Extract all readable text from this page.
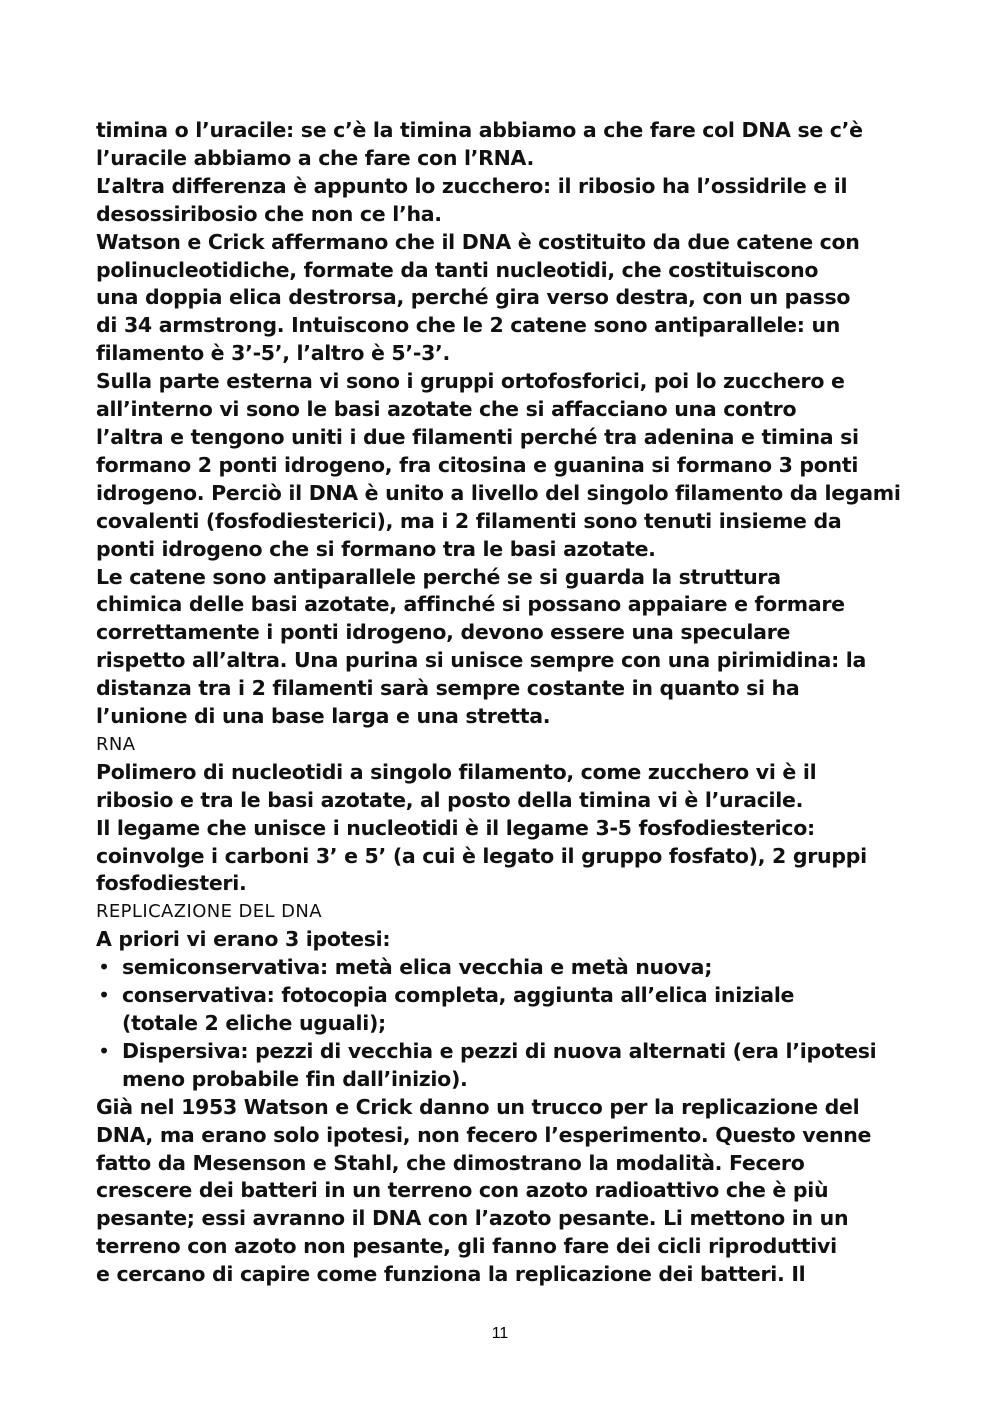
timina o l’uracile: se c’è la timina abbiamo a che fare col DNA se c’è
l’uracile abbiamo a che fare con l’RNA.

L’altra differenza è appunto lo zucchero: il ribosio ha l’ossidrile e il
desossiribosio che non ce l’ha.

Watson e Crick affermano che il DNA è costituito da due catene con
polinucleotidiche, formate da tanti nucleotidi, che costituiscono
una doppia elica destrorsa, perché gira verso destra, con un passo
di 34 armstrong. Intuiscono che le 2 catene sono antiparallele: un
filamento è 3’-5’, l’altro è 5’-3’.

Sulla parte esterna vi sono i gruppi ortofosforici, poi lo zucchero e
all’interno vi sono le basi azotate che si affacciano una contro
l’altra e tengono uniti i due filamenti perché tra adenina e timina si
formano 2 ponti idrogeno, fra citosina e guanina si formano 3 ponti
idrogeno. Perciò il DNA è unito a livello del singolo filamento da legami
covalenti (fosfodiesterici), ma i 2 filamenti sono tenuti insieme da
ponti idrogeno che si formano tra le basi azotate.

Le catene sono antiparallele perché se si guarda la struttura
chimica delle basi azotate, affinché si possano appaiare e formare
correttamente i ponti idrogeno, devono essere una speculare
rispetto all’altra. Una purina si unisce sempre con una pirimidina: la
distanza tra i 2 filamenti sarà sempre costante in quanto si ha
l’unione di una base larga e una stretta.

RNA

Polimero di nucleotidi a singolo filamento, come zucchero vi è il
ribosio e tra le basi azotate, al posto della timina vi è l’uracile.

Il legame che unisce i nucleotidi è il legame 3-5 fosfodiesterico:
coinvolge i carboni 3’ e 5’ (a cui è legato il gruppo fosfato), 2 gruppi
fosfodiesteri.

REPLICAZIONE DEL DNA

A priori vi erano 3 ipotesi:

• semiconservativa: metà elica vecchia e metà nuova;
• conservativa: fotocopia completa, aggiunta all’elica iniziale
(totale 2 eliche uguali);
• Dispersiva: pezzi di vecchia e pezzi di nuova alternati (era l’ipotesi
meno probabile fin dall’inizio).

Già nel 1953 Watson e Crick danno un trucco per la replicazione del
DNA, ma erano solo ipotesi, non fecero l’esperimento. Questo venne
fatto da Mesenson e Stahl, che dimostrano la modalità. Fecero
crescere dei batteri in un terreno con azoto radioattivo che è più
pesante; essi avranno il DNA con l’azoto pesante. Li mettono in un
terreno con azoto non pesante, gli fanno fare dei cicli riproduttivi
e cercano di capire come funziona la replicazione dei batteri. Il

11
